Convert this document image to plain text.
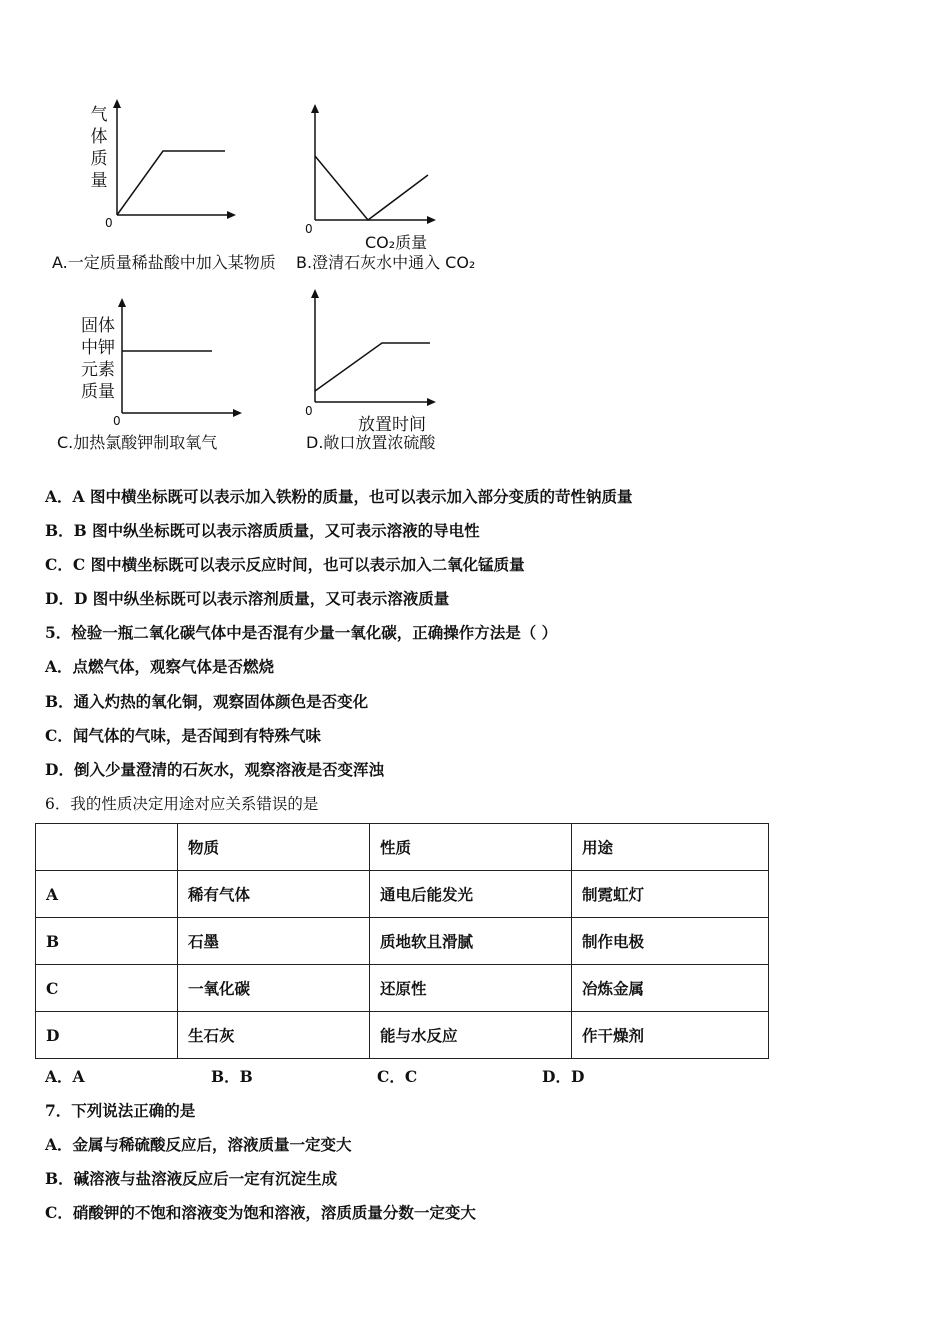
气
体
质
量
0
A.一定质量稀盐酸中加入某物质
0
CO₂质量
B.澄清石灰水中通入 CO₂
固体
中钾
元素
质量
0
C.加热氯酸钾制取氧气
0
放置时间
D.敞口放置浓硫酸
A．A 图中横坐标既可以表示加入铁粉的质量，也可以表示加入部分变质的苛性钠质量
B．B 图中纵坐标既可以表示溶质质量，又可表示溶液的导电性
C．C 图中横坐标既可以表示反应时间，也可以表示加入二氧化锰质量
D．D 图中纵坐标既可以表示溶剂质量，又可表示溶液质量
5．检验一瓶二氧化碳气体中是否混有少量一氧化碳，正确操作方法是（ ）
A．点燃气体，观察气体是否燃烧
B．通入灼热的氧化铜，观察固体颜色是否变化
C．闻气体的气味，是否闻到有特殊气味
D．倒入少量澄清的石灰水，观察溶液是否变浑浊
6．我的性质决定用途对应关系错误的是
	物质	性质	用途
A	稀有气体	通电后能发光	制霓虹灯
B	石墨	质地软且滑腻	制作电极
C	一氧化碳	还原性	冶炼金属
D	生石灰	能与水反应	作干燥剂
A．A	B．B	C．C	D．D
7．下列说法正确的是
A．金属与稀硫酸反应后，溶液质量一定变大
B．碱溶液与盐溶液反应后一定有沉淀生成
C．硝酸钾的不饱和溶液变为饱和溶液，溶质质量分数一定变大
